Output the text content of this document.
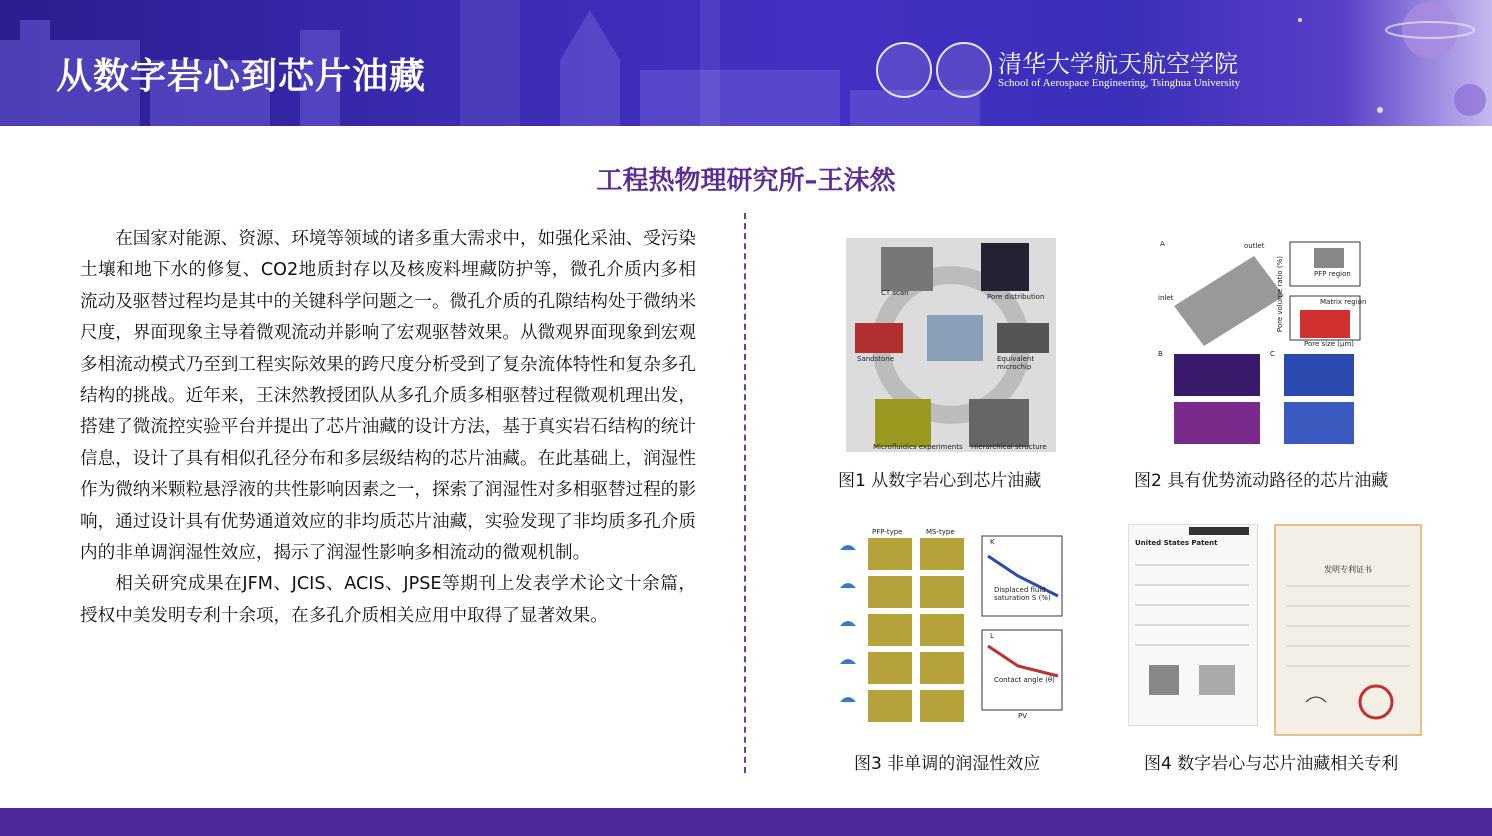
从数字岩心到芯片油藏	清华大学航天航空学院
School of Aerospace Engineering, Tsinghua University
工程热物理研究所–王沫然

在国家对能源、资源、环境等领域的诸多重大需求中，如强化采油、受污染土壤和地下水的修复、CO2地质封存以及核废料埋藏防护等，微孔介质内多相流动及驱替过程均是其中的关键科学问题之一。微孔介质的孔隙结构处于微纳米尺度，界面现象主导着微观流动并影响了宏观驱替效果。从微观界面现象到宏观多相流动模式乃至到工程实际效果的跨尺度分析受到了复杂流体特性和复杂多孔结构的挑战。近年来，王沫然教授团队从多孔介质多相驱替过程微观机理出发，搭建了微流控实验平台并提出了芯片油藏的设计方法，基于真实岩石结构的统计信息，设计了具有相似孔径分布和多层级结构的芯片油藏。在此基础上，润湿性作为微纳米颗粒悬浮液的共性影响因素之一，探索了润湿性对多相驱替过程的影响，通过设计具有优势通道效应的非均质芯片油藏，实验发现了非均质多孔介质内的非单调润湿性效应，揭示了润湿性影响多相流动的微观机制。

相关研究成果在JFM、JCIS、ACIS、JPSE等期刊上发表学术论文十余篇，授权中美发明专利十余项，在多孔介质相关应用中取得了显著效果。

CT scan	Pore distribution
Sandstone	Equivalent microchip
Microfluidics experiments Hierarchical structure
图1 从数字岩心到芯片油藏
A
B	C
outlet
inlet
PFP region
Matrix region
Pore size (μm)
Pore volume ratio (%)
图2 具有优势流动路径的芯片油藏
PFP-type	MS-type
K
L
PV
Displaced fluid saturation S (%)
Contact angle (θ)
图3 非单调的润湿性效应
United States Patent
发明专利证书
图4 数字岩心与芯片油藏相关专利
